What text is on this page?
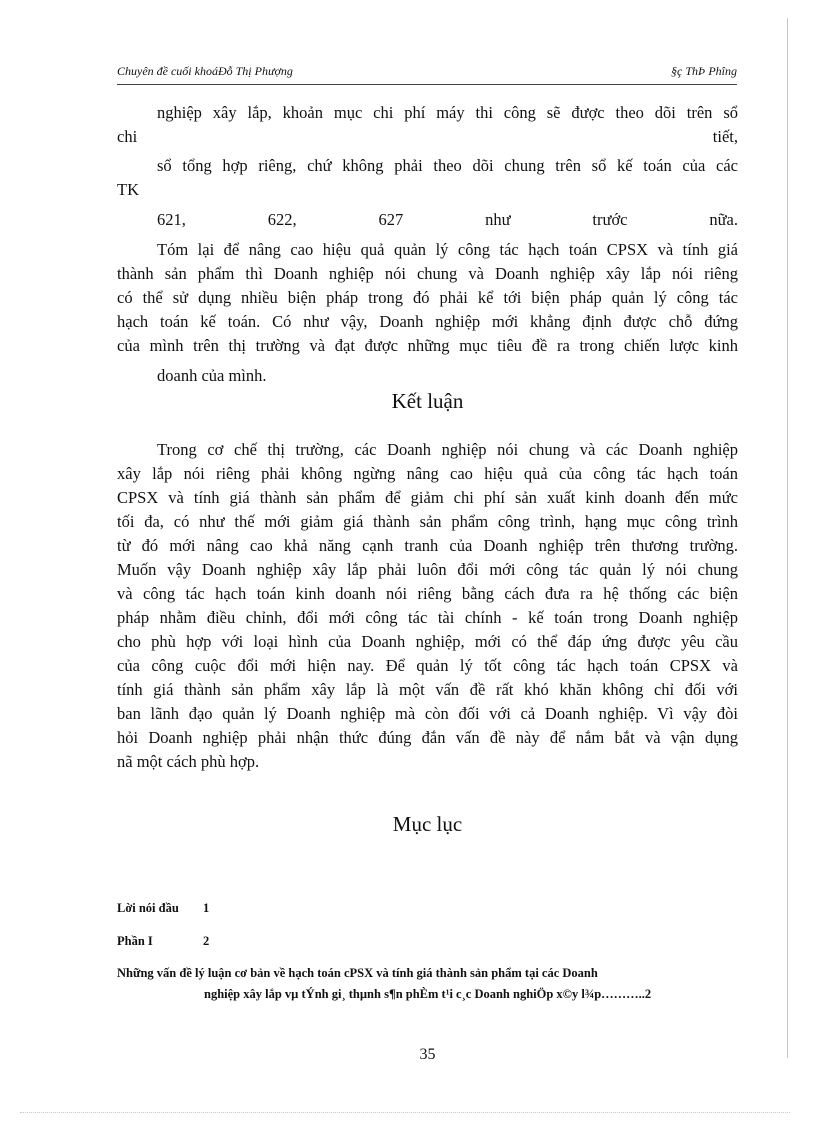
Chuyên đề cuối khoáĐỗ Thị Phượng	§ç ThÞ Phîng
nghiệp xây lắp, khoản mục chi phí máy thi công sẽ được theo dõi trên sổ
chi	tiết,
sổ tổng hợp riêng, chứ không phải theo dõi chung trên sổ kế toán của các
TK
621, 622, 627 như trước nữa.
Tóm lại để nâng cao hiệu quả quản lý công tác hạch toán CPSX và tính giá
thành sản phẩm thì Doanh nghiệp nói chung và Doanh nghiệp xây lắp nói riêng
có thể sử dụng nhiều biện pháp trong đó phải kể tới biện pháp quản lý công tác
hạch toán kế toán. Có như vậy, Doanh nghiệp mới khẳng định được chỗ đứng
của mình trên thị trường và đạt được những mục tiêu đề ra trong chiến lược kinh
doanh của mình.
Kết luận
Trong cơ chế thị trường, các Doanh nghiệp nói chung và các Doanh nghiệp
xây lắp nói riêng phải không ngừng nâng cao hiệu quả của công tác hạch toán
CPSX và tính giá thành sản phẩm để giảm chi phí sản xuất kinh doanh đến mức
tối đa, có như thế mới giảm giá thành sản phẩm công trình, hạng mục công trình
từ đó mới nâng cao khả năng cạnh tranh của Doanh nghiệp trên thương trường.
Muốn vậy Doanh nghiệp xây lắp phải luôn đổi mới công tác quản lý nói chung
và công tác hạch toán kinh doanh nói riêng bằng cách đưa ra hệ thống các biện
pháp nhằm điều chỉnh, đổi mới công tác tài chính - kế toán trong Doanh nghiệp
cho phù hợp với loại hình của Doanh nghiệp, mới có thể đáp ứng được yêu cầu
của công cuộc đổi mới hiện nay. Để quản lý tốt công tác hạch toán CPSX và
tính giá thành sản phẩm xây lắp là một vấn đề rất khó khăn không chỉ đối với
ban lãnh đạo quản lý Doanh nghiệp mà còn đối với cả Doanh nghiệp. Vì vậy đòi
hỏi Doanh nghiệp phải nhận thức đúng đắn vấn đề này để nắm bắt và vận dụng
nã một cách phù hợp.
Mục lục
Lời nói đầu 1
Phần I	2
Những vấn đề lý luận cơ bản về hạch toán cPSX và tính giá thành sản phẩm tại các Doanh
nghiệp xây lắp vµ tÝnh gi¸ thµnh s¶n phÈm t¹i c¸c Doanh nghiÖp x©y l¾p………..2
35
